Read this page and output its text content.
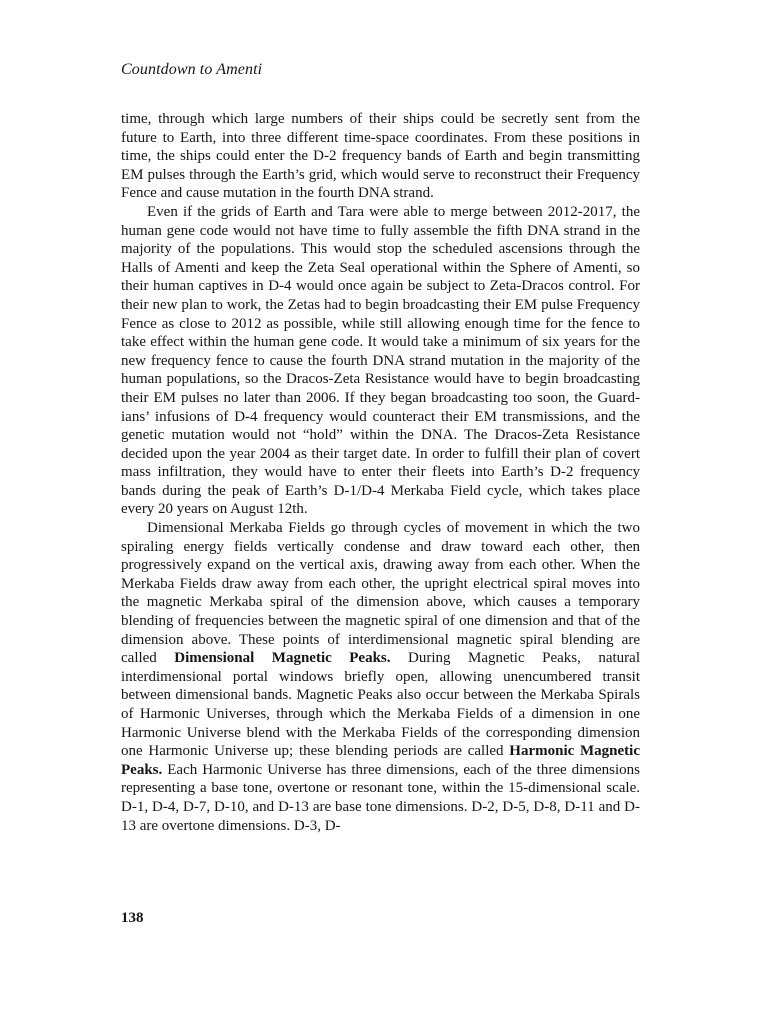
Countdown to Amenti

time, through which large numbers of their ships could be secretly sent from the future to Earth, into three different time-space coordinates. From these positions in time, the ships could enter the D-2 frequency bands of Earth and begin transmitting EM pulses through the Earth’s grid, which would serve to reconstruct their Frequency Fence and cause mutation in the fourth DNA strand.

Even if the grids of Earth and Tara were able to merge between 2012-2017, the human gene code would not have time to fully assemble the fifth DNA strand in the majority of the populations. This would stop the scheduled ascensions through the Halls of Amenti and keep the Zeta Seal operational within the Sphere of Amenti, so their human captives in D-4 would once again be subject to Zeta-Dracos control. For their new plan to work, the Zetas had to begin broadcasting their EM pulse Frequency Fence as close to 2012 as possible, while still allowing enough time for the fence to take effect within the human gene code. It would take a minimum of six years for the new frequency fence to cause the fourth DNA strand mutation in the majority of the human populations, so the Dracos-Zeta Resistance would have to begin broadcasting their EM pulses no later than 2006. If they began broadcasting too soon, the Guardians’ infusions of D-4 frequency would counteract their EM transmissions, and the genetic mutation would not “hold” within the DNA. The Dracos-Zeta Resistance decided upon the year 2004 as their target date. In order to fulfill their plan of covert mass infiltration, they would have to enter their fleets into Earth’s D-2 frequency bands during the peak of Earth’s D-1/D-4 Merkaba Field cycle, which takes place every 20 years on August 12th.

Dimensional Merkaba Fields go through cycles of movement in which the two spiraling energy fields vertically condense and draw toward each other, then progressively expand on the vertical axis, drawing away from each other. When the Merkaba Fields draw away from each other, the upright electrical spiral moves into the magnetic Merkaba spiral of the dimension above, which causes a temporary blending of frequencies between the magnetic spiral of one dimension and that of the dimension above. These points of interdimensional magnetic spiral blending are called Dimensional Magnetic Peaks. During Magnetic Peaks, natural interdimensional portal windows briefly open, allowing unencumbered transit between dimensional bands. Magnetic Peaks also occur between the Merkaba Spirals of Harmonic Universes, through which the Merkaba Fields of a dimension in one Harmonic Universe blend with the Merkaba Fields of the corresponding dimension one Harmonic Universe up; these blending periods are called Harmonic Magnetic Peaks. Each Harmonic Universe has three dimensions, each of the three dimensions representing a base tone, overtone or resonant tone, within the 15-dimensional scale. D-1, D-4, D-7, D-10, and D-13 are base tone dimensions. D-2, D-5, D-8, D-11 and D-13 are overtone dimensions. D-3, D-

138
